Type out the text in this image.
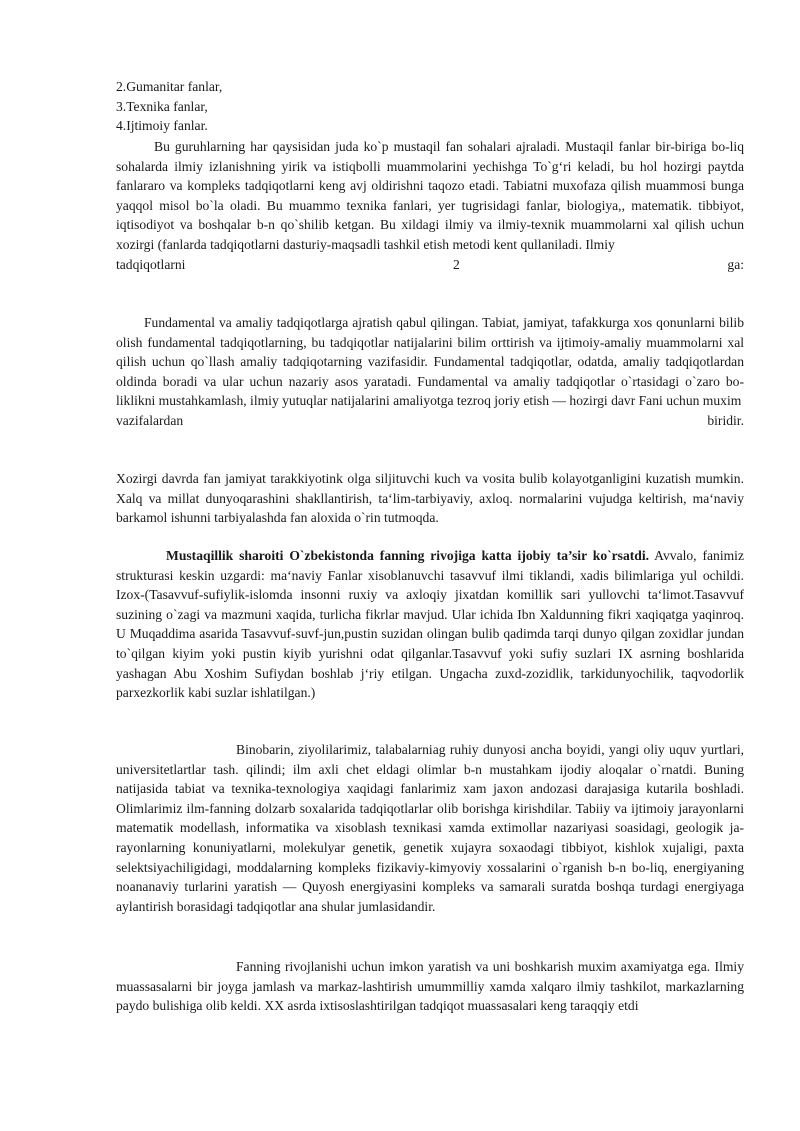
2.Gumanitar fanlar,
3.Texnika fanlar,
4.Ijtimoiy fanlar.

Bu guruhlarning har qaysisidan juda ko`p mustaqil fan sohalari ajraladi. Mustaqil fanlar bir-biriga bo-liq sohalarda ilmiy izlanishning yirik va istiqbolli muammolarini yechishga To`g‘ri keladi, bu hol hozirgi paytda fanlararo va kompleks tadqiqotlarni keng avj oldirishni taqozo etadi. Tabiatni muxofaza qilish muammosi bunga yaqqol misol bo`la oladi. Bu muammo texnika fanlari, yer tugrisidagi fanlar, biologiya,, matematik. tibbiyot, iqtisodiyot va boshqalar b-n qo`shilib ketgan. Bu xildagi ilmiy va ilmiy-texnik muammolarni xal qilish uchun xozirgi (fanlarda tadqiqotlarni dasturiy-maqsadli tashkil etish metodi kent qullaniladi. Ilmiy

tadqiqotlarni	2	ga:

Fundamental va amaliy tadqiqotlarga ajratish qabul qilingan. Tabiat, jamiyat, tafakkurga xos qonunlarni bilib olish fundamental tadqiqotlarning, bu tadqiqotlar natijalarini bilim orttirish va ijtimoiy-amaliy muammolarni xal qilish uchun qo`llash amaliy tadqiqotarning vazifasidir. Fundamental tadqiqotlar, odatda, amaliy tadqiqotlardan oldinda boradi va ular uchun nazariy asos yaratadi. Fundamental va amaliy tadqiqotlar o`rtasidagi o`zaro bo-liklikni mustahkamlash, ilmiy yutuqlar natijalarini amaliyotga tezroq joriy etish — hozirgi davr Fani uchun muxim

vazifalardan	biridir.

Xozirgi davrda fan jamiyat tarakkiyotink olga siljituvchi kuch va vosita bulib kolayotganligini kuzatish mumkin. Xalq va millat dunyoqarashini shakllantirish, ta‘lim-tarbiyaviy, axloq. normalarini vujudga keltirish, ma‘naviy barkamol ishunni tarbiyalashda fan aloxida o`rin tutmoqda.

Mustaqillik sharoiti O`zbekistonda fanning rivojiga katta ijobiy ta’sir ko`rsatdi. Avvalo, fanimiz strukturasi keskin uzgardi: ma‘naviy Fanlar xisoblanuvchi tasavvuf ilmi tiklandi, xadis bilimlariga yul ochildi. Izox-(Tasavvuf-sufiylik-islomda insonni ruxiy va axloqiy jixatdan komillik sari yullovchi ta‘limot.Tasavvuf suzining o`zagi va mazmuni xaqida, turlicha fikrlar mavjud. Ular ichida Ibn Xaldunning fikri xaqiqatga yaqinroq. U Muqaddima asarida Tasavvuf-suvf-jun,pustin suzidan olingan bulib qadimda tarqi dunyo qilgan zoxidlar jundan to`qilgan kiyim yoki pustin kiyib yurishni odat qilganlar.Tasavvuf yoki sufiy suzlari IX asrning boshlarida yashagan Abu Xoshim Sufiydan boshlab j‘riy etilgan. Ungacha zuxd-zozidlik, tarkidunyochilik, taqvodorlik parxezkorlik kabi suzlar ishlatilgan.)

Binobarin, ziyolilarimiz, talabalarniag ruhiy dunyosi ancha boyidi, yangi oliy uquv yurtlari, universitetlartlar tash. qilindi; ilm axli chet eldagi olimlar b-n mustahkam ijodiy aloqalar o`rnatdi. Buning natijasida tabiat va texnika-texnologiya xaqidagi fanlarimiz xam jaxon andozasi darajasiga kutarila boshladi. Olimlarimiz ilm-fanning dolzarb soxalarida tadqiqotlarlar olib borishga kirishdilar. Tabiiy va ijtimoiy jarayonlarni matematik modellash, informatika va xisoblash texnikasi xamda extimollar nazariyasi soasidagi, geologik ja-rayonlarning konuniyatlarni, molekulyar genetik, genetik xujayra soxaodagi tibbiyot, kishlok xujaligi, paxta selektsiyachiligidagi, moddalarning kompleks fizikaviy-kimyoviy xossalarini o`rganish b-n bo-liq, energiyaning noananaviy turlarini yaratish — Quyosh energiyasini kompleks va samarali suratda boshqa turdagi energiyaga aylantirish borasidagi tadqiqotlar ana shular jumlasidandir.

Fanning rivojlanishi uchun imkon yaratish va uni boshkarish muxim axamiyatga ega. Ilmiy muassasalarni bir joyga jamlash va markaz-lashtirish umummilliy xamda xalqaro ilmiy tashkilot, markazlarning paydo bulishiga olib keldi. XX asrda ixtisoslashtirilgan tadqiqot muassasalari keng taraqqiy etdi
